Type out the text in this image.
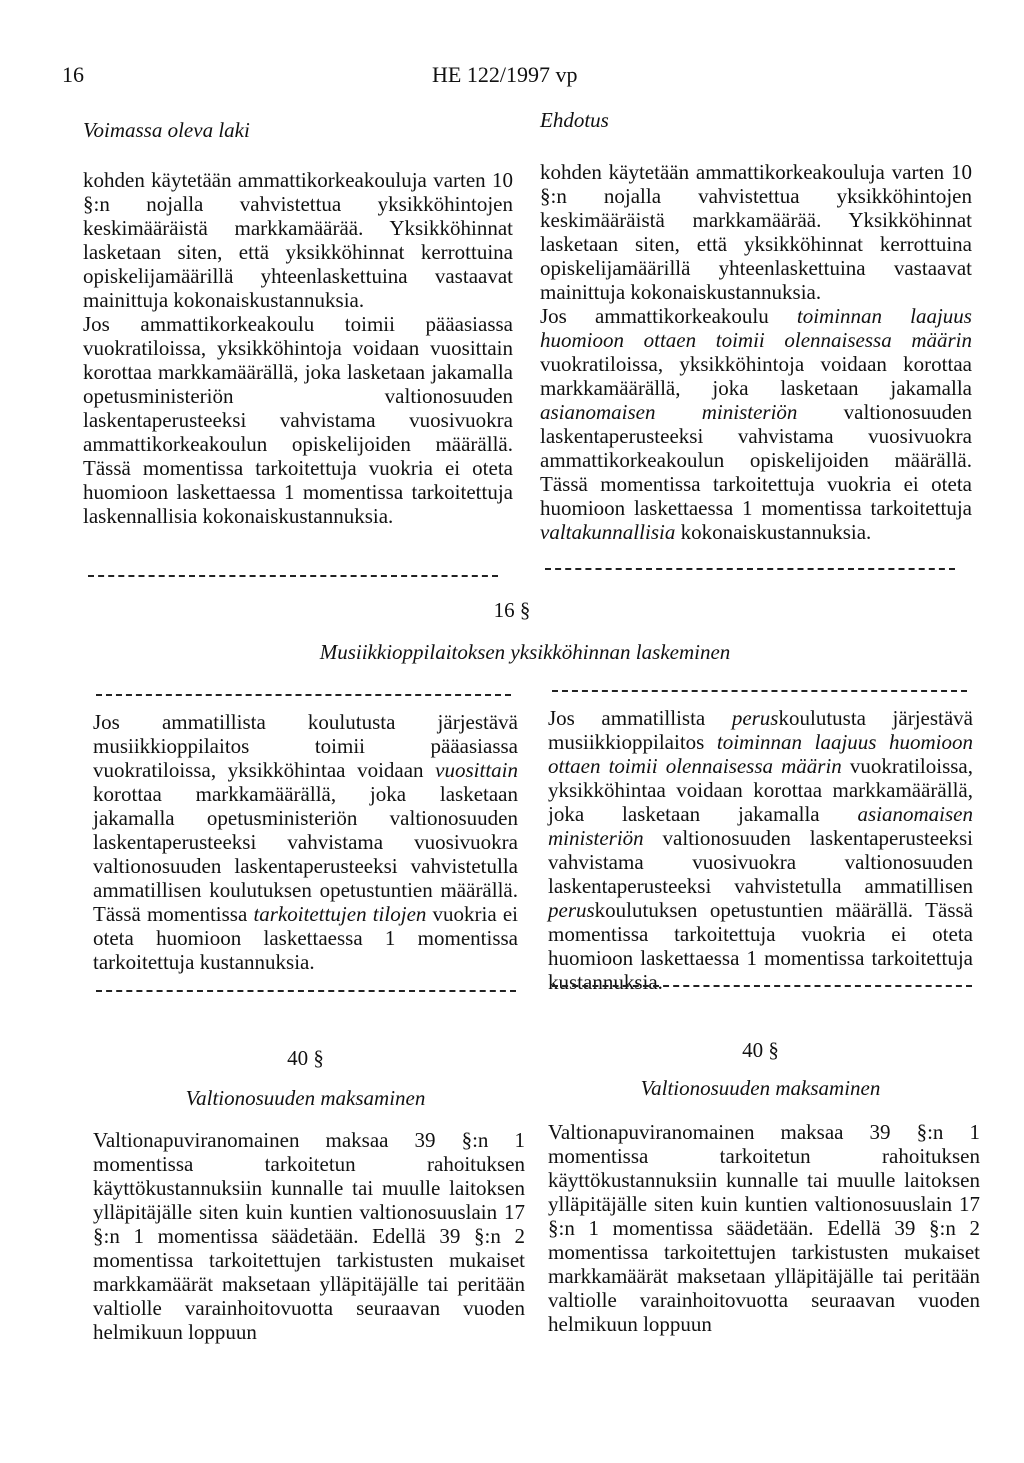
16	HE 122/1997 vp
Voimassa oleva laki	Ehdotus

kohden käytetään ammattikorkeakouluja varten 10 §:n nojalla vahvistettua yksikköhintojen keskimääräistä markkamäärää. Yksikköhinnat lasketaan siten, että yksikköhinnat kerrottuina opiskelijamäärillä yhteenlaskettuina vastaavat mainittuja kokonaiskustannuksia.

Jos ammattikorkeakoulu toimii pääasiassa vuokratiloissa, yksikköhintoja voidaan vuosittain korottaa markkamäärällä, joka lasketaan jakamalla opetusministeriön valtionosuuden laskentaperusteeksi vahvistama vuosivuokra ammattikorkeakoulun opiskelijoiden määrällä. Tässä momentissa tarkoitettuja vuokria ei oteta huomioon laskettaessa 1 momentissa tarkoitettuja laskennallisia kokonaiskustannuksia.

kohden käytetään ammattikorkeakouluja varten 10 §:n nojalla vahvistettua yksikköhintojen keskimääräistä markkamäärää. Yksikköhinnat lasketaan siten, että yksikköhinnat kerrottuina opiskelijamäärillä yhteenlaskettuina vastaavat mainittuja kokonaiskustannuksia.

Jos ammattikorkeakoulu toiminnan laajuus huomioon ottaen toimii olennaisessa määrin vuokratiloissa, yksikköhintoja voidaan korottaa markkamäärällä, joka lasketaan jakamalla asianomaisen ministeriön valtionosuuden laskentaperusteeksi vahvistama vuosivuokra ammattikorkeakoulun opiskelijoiden määrällä. Tässä momentissa tarkoitettuja vuokria ei oteta huomioon laskettaessa 1 momentissa tarkoitettuja valtakunnallisia kokonaiskustannuksia.

16 §
Musiikkioppilaitoksen yksikköhinnan laskeminen

Jos ammatillista koulutusta järjestävä musiikkioppilaitos toimii pääasiassa vuokratiloissa, yksikköhintaa voidaan vuosittain korottaa markkamäärällä, joka lasketaan jakamalla opetusministeriön valtionosuuden laskentaperusteeksi vahvistama vuosivuokra valtionosuuden laskentaperusteeksi vahvistetulla ammatillisen koulutuksen opetustuntien määrällä. Tässä momentissa tarkoitettujen tilojen vuokria ei oteta huomioon laskettaessa 1 momentissa tarkoitettuja kustannuksia.

Jos ammatillista peruskoulutusta järjestävä musiikkioppilaitos toiminnan laajuus huomioon ottaen toimii olennaisessa määrin vuokratiloissa, yksikköhintaa voidaan korottaa markkamäärällä, joka lasketaan jakamalla asianomaisen ministeriön valtionosuuden laskentaperusteeksi vahvistama vuosivuokra valtionosuuden laskentaperusteeksi vahvistetulla ammatillisen peruskoulutuksen opetustuntien määrällä. Tässä momentissa tarkoitettuja vuokria ei oteta huomioon laskettaessa 1 momentissa tarkoitettuja kustannuksia.

40 §
Valtionosuuden maksaminen
40 §
Valtionosuuden maksaminen

Valtionapuviranomainen maksaa 39 §:n 1 momentissa tarkoitetun rahoituksen käyttökustannuksiin kunnalle tai muulle laitoksen ylläpitäjälle siten kuin kuntien valtionosuuslain 17 §:n 1 momentissa säädetään. Edellä 39 §:n 2 momentissa tarkoitettujen tarkistusten mukaiset markkamäärät maksetaan ylläpitäjälle tai peritään valtiolle varainhoitovuotta seuraavan vuoden helmikuun loppuun

Valtionapuviranomainen maksaa 39 §:n 1 momentissa tarkoitetun rahoituksen käyttökustannuksiin kunnalle tai muulle laitoksen ylläpitäjälle siten kuin kuntien valtionosuuslain 17 §:n 1 momentissa säädetään. Edellä 39 §:n 2 momentissa tarkoitettujen tarkistusten mukaiset markkamäärät maksetaan ylläpitäjälle tai peritään valtiolle varainhoitovuotta seuraavan vuoden helmikuun loppuun
